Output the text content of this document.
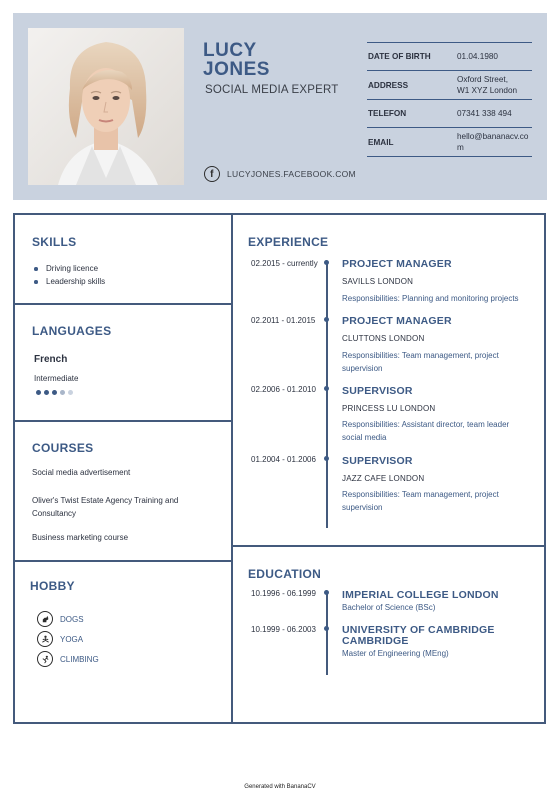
LUCY
JONES
SOCIAL MEDIA EXPERT
f	LUCYJONES.FACEBOOK.COM
DATE OF BIRTH	01.04.1980
ADDRESS
Oxford Street,
W1 XYZ London
TELEFON	07341 338 494
EMAIL
hello@bananacv.co
m
SKILLS
Driving licence
Leadership skills
LANGUAGES
French
Intermediate
COURSES
Social media advertisement
Oliver's Twist Estate Agency Training and
Consultancy
Business marketing course
HOBBY
DOGS
YOGA
CLIMBING
EXPERIENCE
02.2015 - currently PROJECT MANAGER
SAVILLS LONDON
Responsibilities: Planning and monitoring projects
02.2011 - 01.2015	PROJECT MANAGER
CLUTTONS LONDON
Responsibilities: Team management, project
supervision
02.2006 - 01.2010 SUPERVISOR
PRINCESS LU LONDON
Responsibilities: Assistant director, team leader
social media
01.2004 - 01.2006 SUPERVISOR
JAZZ CAFE LONDON
Responsibilities: Team management, project
supervision
EDUCATION
10.1996 - 06.1999 IMPERIAL COLLEGE LONDON
Bachelor of Science (BSc)
10.1999 - 06.2003 UNIVERSITY OF CAMBRIDGE
CAMBRIDGE
Master of Engineering (MEng)
Generated with BananaCV
